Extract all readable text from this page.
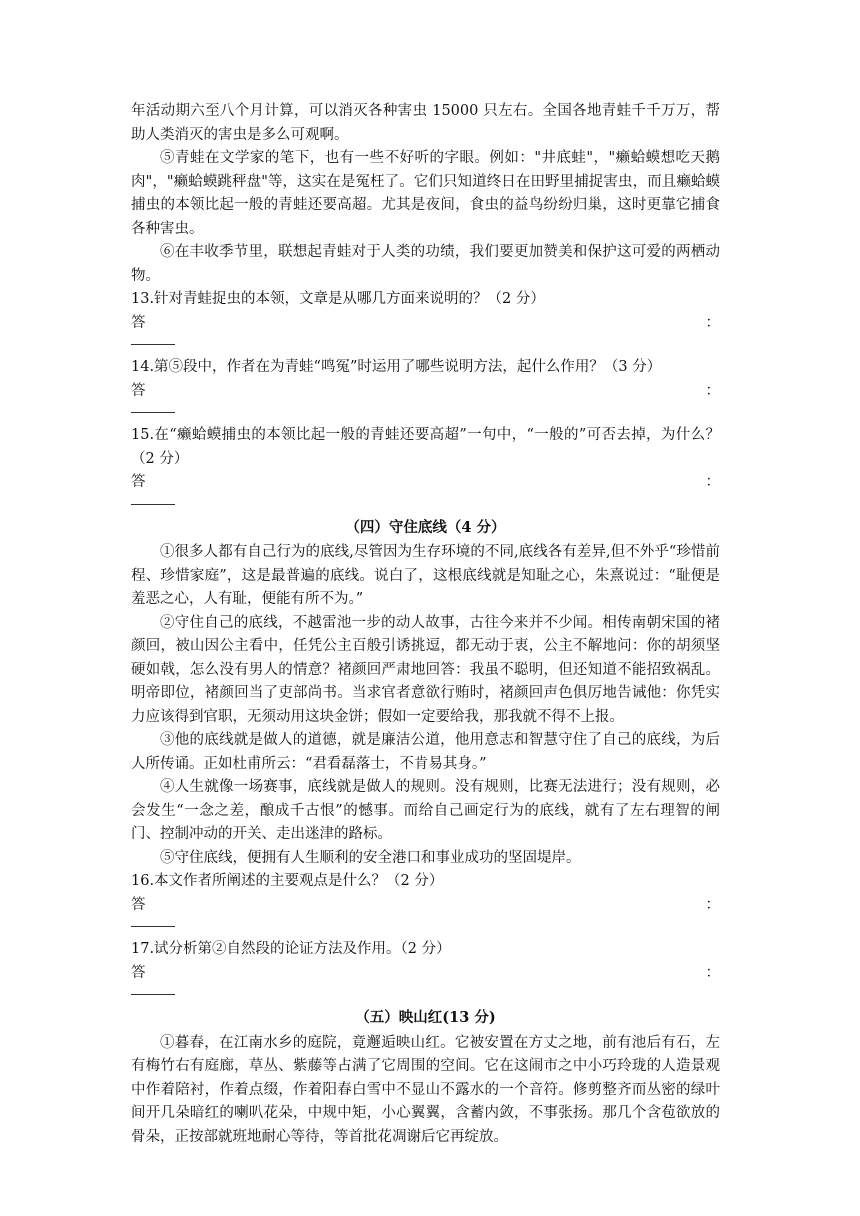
年活动期六至八个月计算，可以消灭各种害虫 15000 只左右。全国各地青蛙千千万万，帮助人类消灭的害虫是多么可观啊。

⑤青蛙在文学家的笔下，也有一些不好听的字眼。例如："井底蛙"，"癞蛤蟆想吃天鹅肉"，"癞蛤蟆跳秤盘"等，这实在是冤枉了。它们只知道终日在田野里捕捉害虫，而且癞蛤蟆捕虫的本领比起一般的青蛙还要高超。尤其是夜间，食虫的益鸟纷纷归巢，这时更靠它捕食各种害虫。

⑥在丰收季节里，联想起青蛙对于人类的功绩，我们要更加赞美和保护这可爱的两栖动物。

13.针对青蛙捉虫的本领，文章是从哪几方面来说明的？（2 分）

答	：

14.第⑤段中，作者在为青蛙“鸣冤”时运用了哪些说明方法，起什么作用？（3 分）

答	：

15.在“癞蛤蟆捕虫的本领比起一般的青蛙还要高超”一句中，“一般的”可否去掉，为什么？（2 分）

答	：
（四）守住底线（4 分）

①很多人都有自己行为的底线,尽管因为生存环境的不同,底线各有差异,但不外乎“珍惜前程、珍惜家庭”，这是最普遍的底线。说白了，这根底线就是知耻之心，朱熹说过：“耻便是羞恶之心，人有耻，便能有所不为。”

②守住自己的底线，不越雷池一步的动人故事，古往今来并不少闻。相传南朝宋国的褚颜回，被山因公主看中，任凭公主百般引诱挑逗，都无动于衷，公主不解地问：你的胡须坚硬如戟，怎么没有男人的情意？褚颜回严肃地回答：我虽不聪明，但还知道不能招致祸乱。明帝即位，褚颜回当了吏部尚书。当求官者意欲行贿时，褚颜回声色俱厉地告诫他：你凭实力应该得到官职，无须动用这块金饼；假如一定要给我，那我就不得不上报。

③他的底线就是做人的道德，就是廉洁公道，他用意志和智慧守住了自己的底线，为后人所传诵。正如杜甫所云：“君看磊落士，不肯易其身。”

④人生就像一场赛事，底线就是做人的规则。没有规则，比赛无法进行；没有规则，必会发生“一念之差，酿成千古恨”的憾事。而给自己画定行为的底线，就有了左右理智的闸门、控制冲动的开关、走出迷津的路标。

⑤守住底线，便拥有人生顺利的安全港口和事业成功的坚固堤岸。

16.本文作者所阐述的主要观点是什么？（2 分）

答	：

17.试分析第②自然段的论证方法及作用。（2 分）

答	：
（五）映山红(13 分)

①暮春，在江南水乡的庭院，竟邂逅映山红。它被安置在方丈之地，前有池后有石，左有梅竹右有庭廊，草丛、紫藤等占满了它周围的空间。它在这闹市之中小巧玲珑的人造景观中作着陪衬，作着点缀，作着阳春白雪中不显山不露水的一个音符。修剪整齐而丛密的绿叶间开几朵暗红的喇叭花朵，中规中矩，小心翼翼，含蓄内敛，不事张扬。那几个含苞欲放的骨朵，正按部就班地耐心等待，等首批花凋谢后它再绽放。
